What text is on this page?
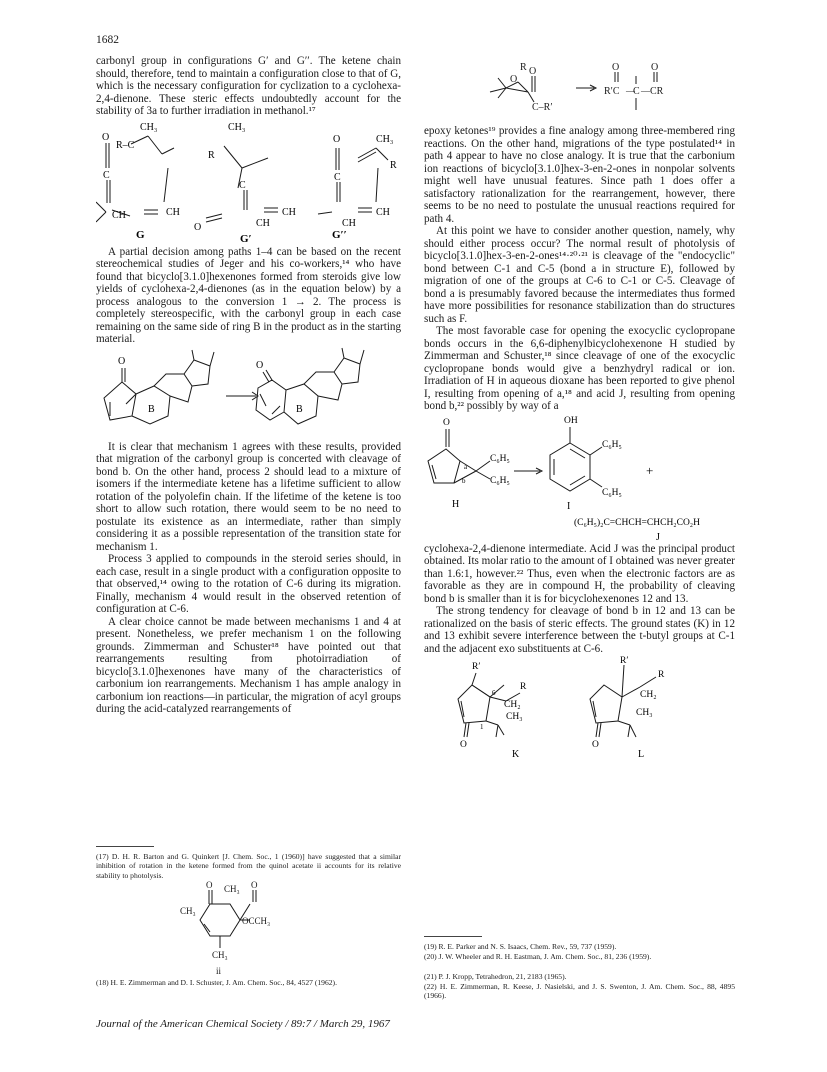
1682

carbonyl group in configurations G′ and G′′. The ketene chain should, therefore, tend to maintain a configuration close to that of G, which is the necessary configuration for cyclization to a cyclohexa-2,4-dienone. These steric effects undoubtedly account for the stability of 3a to further irradiation in methanol.¹⁷

CH₃
O
R–C
C
CH	CH
CH₃
R
C
O
CH
CH
O
C
CH₃
R
CH
CH
G	G′	G′′

A partial decision among paths 1–4 can be based on the recent stereochemical studies of Jeger and his co-workers,¹⁴ who have found that bicyclo[3.1.0]hexenones formed from steroids give low yields of cyclohexa-2,4-dienones (as in the equation below) by a process analogous to the conversion 1 → 2. The process is completely stereospecific, with the carbonyl group in each case remaining on the same side of ring B in the product as in the starting material.

O	O
B	B

It is clear that mechanism 1 agrees with these results, provided that migration of the carbonyl group is concerted with cleavage of bond b. On the other hand, process 2 should lead to a mixture of isomers if the intermediate ketene has a lifetime sufficient to allow rotation of the polyolefin chain. If the lifetime of the ketene is too short to allow such rotation, there would seem to be no need to postulate its existence as an intermediate, rather than simply considering it as a possible representation of the transition state for mechanism 1.

Process 3 applied to compounds in the steroid series should, in each case, result in a single product with a configuration opposite to that observed,¹⁴ owing to the rotation of C-6 during its migration. Finally, mechanism 4 would result in the observed retention of configuration at C-6.

A clear choice cannot be made between mechanisms 1 and 4 at present. Nonetheless, we prefer mechanism 1 on the following grounds. Zimmerman and Schuster¹⁸ have pointed out that rearrangements resulting from photoirradiation of bicyclo[3.1.0]hexenones have many of the characteristics of carbonium ion rearrangements. Mechanism 1 has ample analogy in carbonium ion reactions—in particular, the migration of acyl groups during the acid-catalyzed rearrangements of

R
O
O
C–R′
O	O
R′C —
C — CR

epoxy ketones¹⁹ provides a fine analogy among three-membered ring reactions. On the other hand, migrations of the type postulated¹⁴ in path 4 appear to have no close analogy. It is true that the carbonium ion reactions of bicyclo[3.1.0]hex-3-en-2-ones in nonpolar solvents might well have unusual features. Since path 1 does offer a satisfactory rationalization for the rearrangement, however, there seems to be no need to postulate the unusual reactions required for path 4.

At this point we have to consider another question, namely, why should either process occur? The normal result of photolysis of bicyclo[3.1.0]hex-3-en-2-ones¹⁴·²⁰·²¹ is cleavage of the "endocyclic" bond between C-1 and C-5 (bond a in structure E), followed by migration of one of the groups at C-6 to C-1 or C-5. Cleavage of bond a is presumably favored because the intermediates thus formed have more possibilities for resonance stabilization than do structures such as F.

The most favorable case for opening the exocyclic cyclopropane bonds occurs in the 6,6-diphenylbicyclohexenone H studied by Zimmerman and Schuster,¹⁸ since cleavage of one of the exocyclic cyclopropane bonds would give a benzhydryl radical or ion. Irradiation of H in aqueous dioxane has been reported to give phenol I, resulting from opening of a,¹⁸ and acid J, resulting from opening bond b,²² possibly by way of a

O
C₆H₅
C₆H₅
a
b
OH
C₆H₅
C₆H₅
+
(C₆H₅)₂C=CHCH=CHCH₂CO₂H
H	I
J

cyclohexa-2,4-dienone intermediate. Acid J was the principal product obtained. Its molar ratio to the amount of I obtained was never greater than 1.6:1, however.²² Thus, even when the electronic factors are as favorable as they are in compound H, the probability of cleaving bond b is smaller than it is for bicyclohexenones 12 and 13.

The strong tendency for cleavage of bond b in 12 and 13 can be rationalized on the basis of steric effects. The ground states (K) in 12 and 13 exhibit severe interference between the t-butyl groups at C-1 and the adjacent exo substituents at C-6.

R′
R
CH₂
CH₃
O
6
1
R′
R
CH₂
CH₃
O
K	L
(17) D. H. R. Barton and G. Quinkert [J. Chem. Soc., 1 (1960)] have suggested that a similar inhibition of rotation in the ketene formed from the quinol acetate ii accounts for its relative stability to photolysis.
O CH₃ O
CH₃
OCCH₃
CH₃
ii
(18) H. E. Zimmerman and D. I. Schuster, J. Am. Chem. Soc., 84, 4527 (1962).
(19) R. E. Parker and N. S. Isaacs, Chem. Rev., 59, 737 (1959).
(20) J. W. Wheeler and R. H. Eastman, J. Am. Chem. Soc., 81, 236 (1959).
(21) P. J. Kropp, Tetrahedron, 21, 2183 (1965).
(22) H. E. Zimmerman, R. Keese, J. Nasielski, and J. S. Swenton, J. Am. Chem. Soc., 88, 4895 (1966).
Journal of the American Chemical Society / 89:7 / March 29, 1967
